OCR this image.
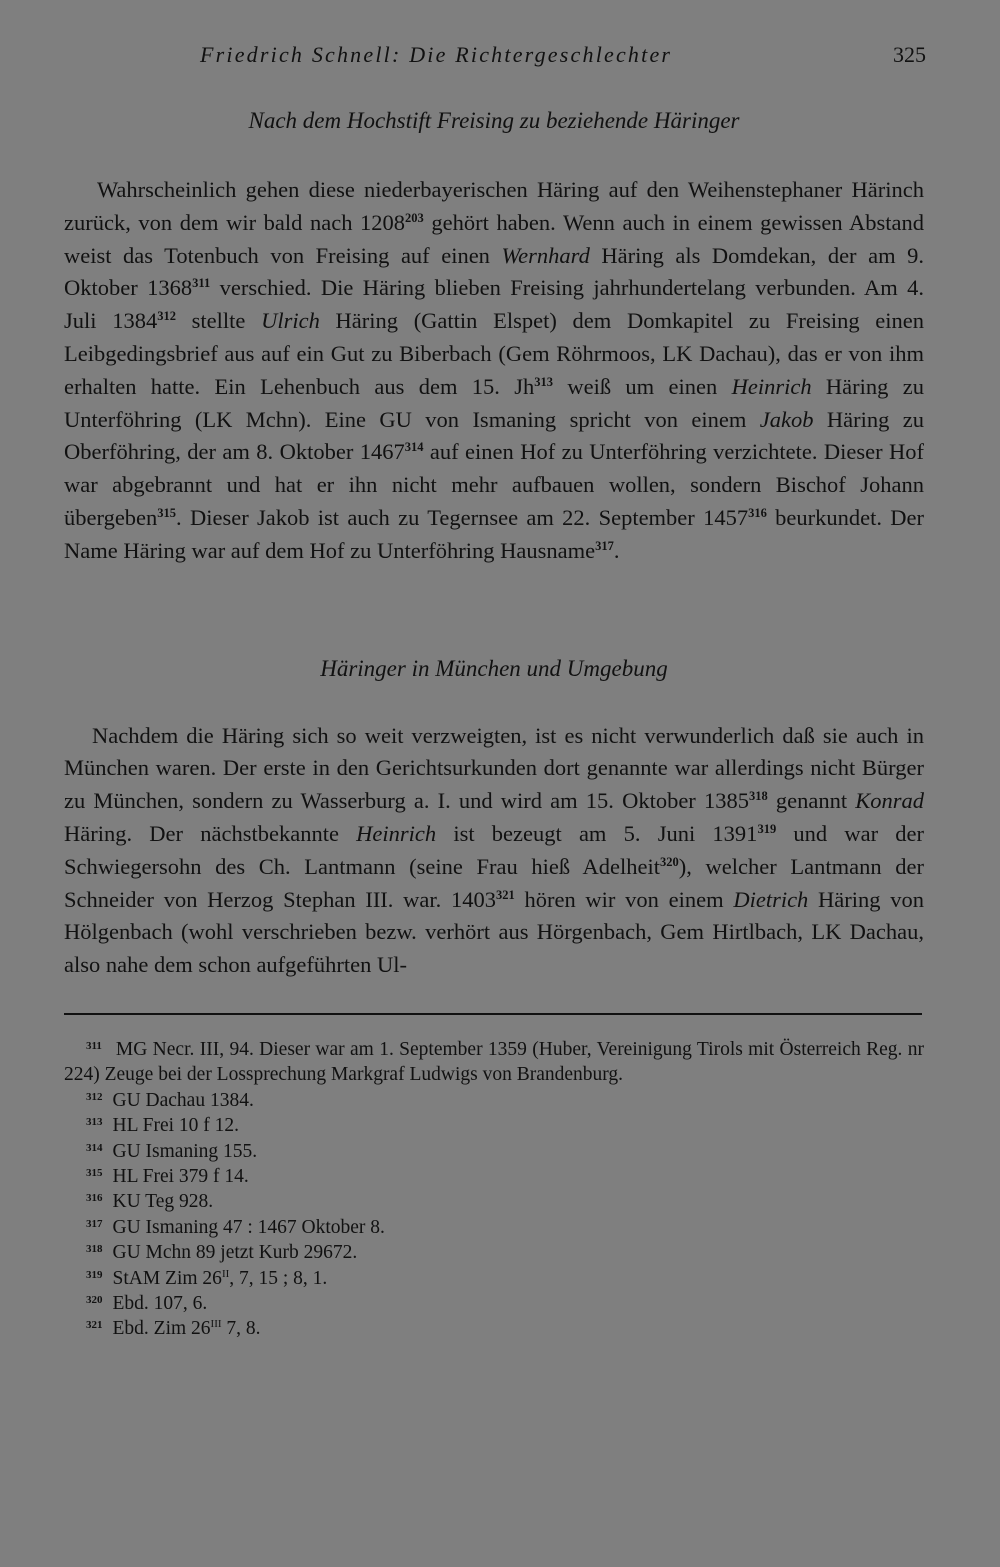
Friedrich Schnell: Die Richtergeschlechter	325
Nach dem Hochstift Freising zu beziehende Häringer

Wahrscheinlich gehen diese niederbayerischen Häring auf den Weihenstephaner Härinch zurück, von dem wir bald nach 1208$^{203}$ gehört haben. Wenn auch in einem gewissen Abstand weist das Totenbuch von Freising auf einen Wernhard Häring als Domdekan, der am 9. Oktober 1368$^{311}$ verschied. Die Häring blieben Freising jahrhundertelang verbunden. Am 4. Juli 1384$^{312}$ stellte Ulrich Häring (Gattin Elspet) dem Domkapitel zu Freising einen Leibgedingsbrief aus auf ein Gut zu Biberbach (Gem Röhrmoos, LK Dachau), das er von ihm erhalten hatte. Ein Lehenbuch aus dem 15. Jh$^{313}$ weiß um einen Heinrich Häring zu Unterföhring (LK Mchn). Eine GU von Ismaning spricht von einem Jakob Häring zu Oberföhring, der am 8. Oktober 1467$^{314}$ auf einen Hof zu Unterföhring verzichtete. Dieser Hof war abgebrannt und hat er ihn nicht mehr aufbauen wollen, sondern Bischof Johann übergeben$^{315}$. Dieser Jakob ist auch zu Tegernsee am 22. September 1457$^{316}$ beurkundet. Der Name Häring war auf dem Hof zu Unterföhring Hausname$^{317}$.

Häringer in München und Umgebung

Nachdem die Häring sich so weit verzweigten, ist es nicht verwunderlich daß sie auch in München waren. Der erste in den Gerichtsurkunden dort genannte war allerdings nicht Bürger zu München, sondern zu Wasserburg a. I. und wird am 15. Oktober 1385$^{318}$ genannt Konrad Häring. Der nächstbekannte Heinrich ist bezeugt am 5. Juni 1391$^{319}$ und war der Schwiegersohn des Ch. Lantmann (seine Frau hieß Adelheit$^{320}$), welcher Lantmann der Schneider von Herzog Stephan III. war. 1403$^{321}$ hören wir von einem Dietrich Häring von Hölgenbach (wohl verschrieben bezw. verhört aus Hörgenbach, Gem Hirtlbach, LK Dachau, also nahe dem schon aufgeführten Ul-

$^{311}$ MG Necr. III, 94. Dieser war am 1. September 1359 (Huber, Vereinigung Tirols mit Österreich Reg. nr 224) Zeuge bei der Lossprechung Markgraf Ludwigs von Brandenburg.

$^{312}$ GU Dachau 1384.

$^{313}$ HL Frei 10 f 12.

$^{314}$ GU Ismaning 155.

$^{315}$ HL Frei 379 f 14.

$^{316}$ KU Teg 928.

$^{317}$ GU Ismaning 47 : 1467 Oktober 8.

$^{318}$ GU Mchn 89 jetzt Kurb 29672.

$^{319}$ StAM Zim $26^{II}$, 7, 15 ; 8, 1.

$^{320}$ Ebd. 107, 6.

$^{321}$ Ebd. Zim $26^{III}$ 7, 8.
